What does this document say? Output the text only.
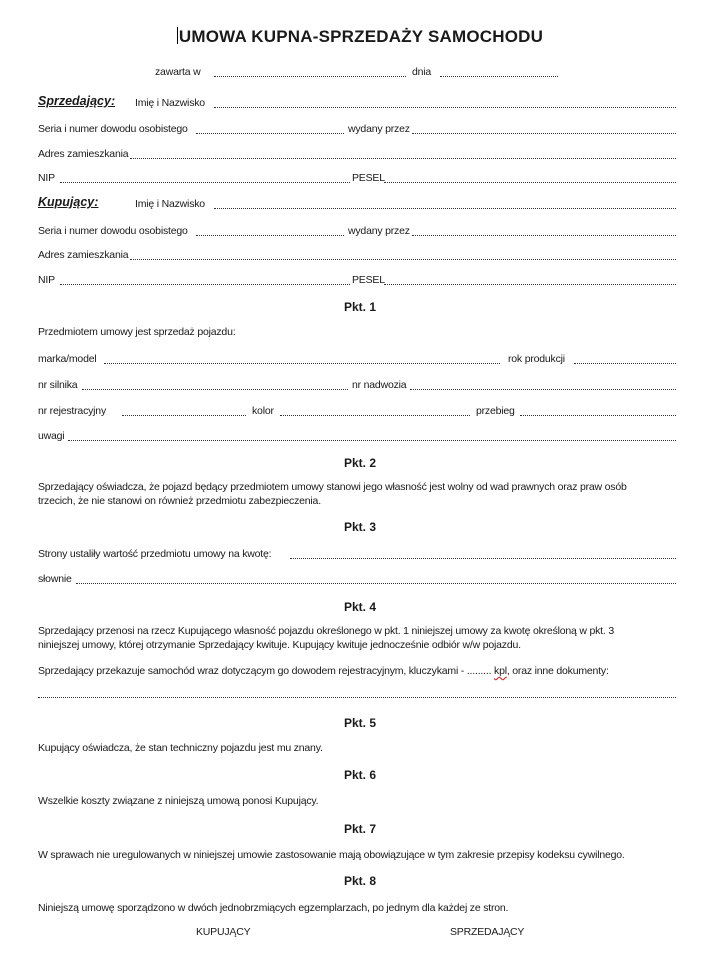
UMOWA KUPNA-SPRZEDAŻY SAMOCHODU
zawarta w	dnia
Sprzedający: Imię i Nazwisko
Seria i numer dowodu osobistego	wydany przez
Adres zamieszkania
NIP	PESEL
Kupujący:	Imię i Nazwisko
Seria i numer dowodu osobistego	wydany przez
Adres zamieszkania
NIP	PESEL
Pkt. 1
Przedmiotem umowy jest sprzedaż pojazdu:
marka/model	rok produkcji
nr silnika	nr nadwozia
nr rejestracyjny	kolor	przebieg
uwagi
Pkt. 2
Sprzedający oświadcza, że pojazd będący przedmiotem umowy stanowi jego własność jest wolny od wad prawnych oraz praw osób
trzecich, że nie stanowi on również przedmiotu zabezpieczenia.
Pkt. 3
Strony ustaliły wartość przedmiotu umowy na kwotę:
słownie
Pkt. 4
Sprzedający przenosi na rzecz Kupującego własność pojazdu określonego w pkt. 1 niniejszej umowy za kwotę określoną w pkt. 3
niniejszej umowy, której otrzymanie Sprzedający kwituje. Kupujący kwituje jednocześnie odbiór w/w pojazdu.
Sprzedający przekazuje samochód wraz dotyczącym go dowodem rejestracyjnym, kluczykami - ......... kpl, oraz inne dokumenty:
Pkt. 5
Kupujący oświadcza, że stan techniczny pojazdu jest mu znany.
Pkt. 6
Wszelkie koszty związane z niniejszą umową ponosi Kupujący.
Pkt. 7
W sprawach nie uregulowanych w niniejszej umowie zastosowanie mają obowiązujące w tym zakresie przepisy kodeksu cywilnego.
Pkt. 8
Niniejszą umowę sporządzono w dwóch jednobrzmiących egzemplarzach, po jednym dla każdej ze stron.
KUPUJĄCY	SPRZEDAJĄCY
